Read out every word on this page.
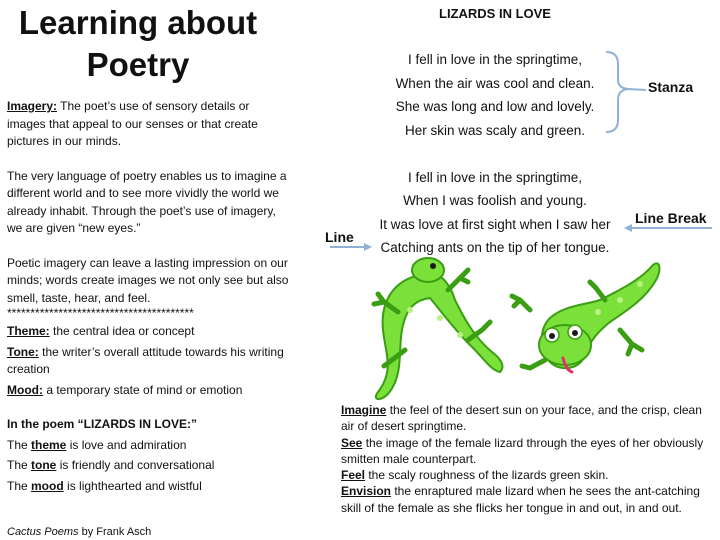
Learning about
Poetry

Imagery: The poet’s use of sensory details or images that appeal to our senses or that create pictures in our minds.

The very language of poetry enables us to imagine a different world and to see more vividly the world we already inhabit. Through the poet’s use of imagery, we are given “new eyes.”

Poetic imagery can leave a lasting impression on our minds; words create images we not only see but also smell, taste, hear, and feel.

****************************************

Theme: the central idea or concept

Tone: the writer’s overall attitude towards his writing creation

Mood: a temporary state of mind or emotion

In the poem “LIZARDS IN LOVE:”

The theme is love and admiration

The tone is friendly and conversational

The mood is lighthearted and wistful

Cactus Poems by Frank Asch
LIZARDS IN LOVE
I fell in love in the springtime,
When the air was cool and clean.
She was long and low and lovely.
Her skin was scaly and green.
I fell in love in the springtime,
When I was foolish and young.
It was love at first sight when I saw her
Catching ants on the tip of her tongue.
Stanza
Line Break
Line

Imagine the feel of the desert sun on your face, and the crisp, clean air of desert springtime.

See the image of the female lizard through the eyes of her obviously smitten male counterpart.

Feel the scaly roughness of the lizards green skin.

Envision the enraptured male lizard when he sees the ant-catching skill of the female as she flicks her tongue in and out, in and out.
